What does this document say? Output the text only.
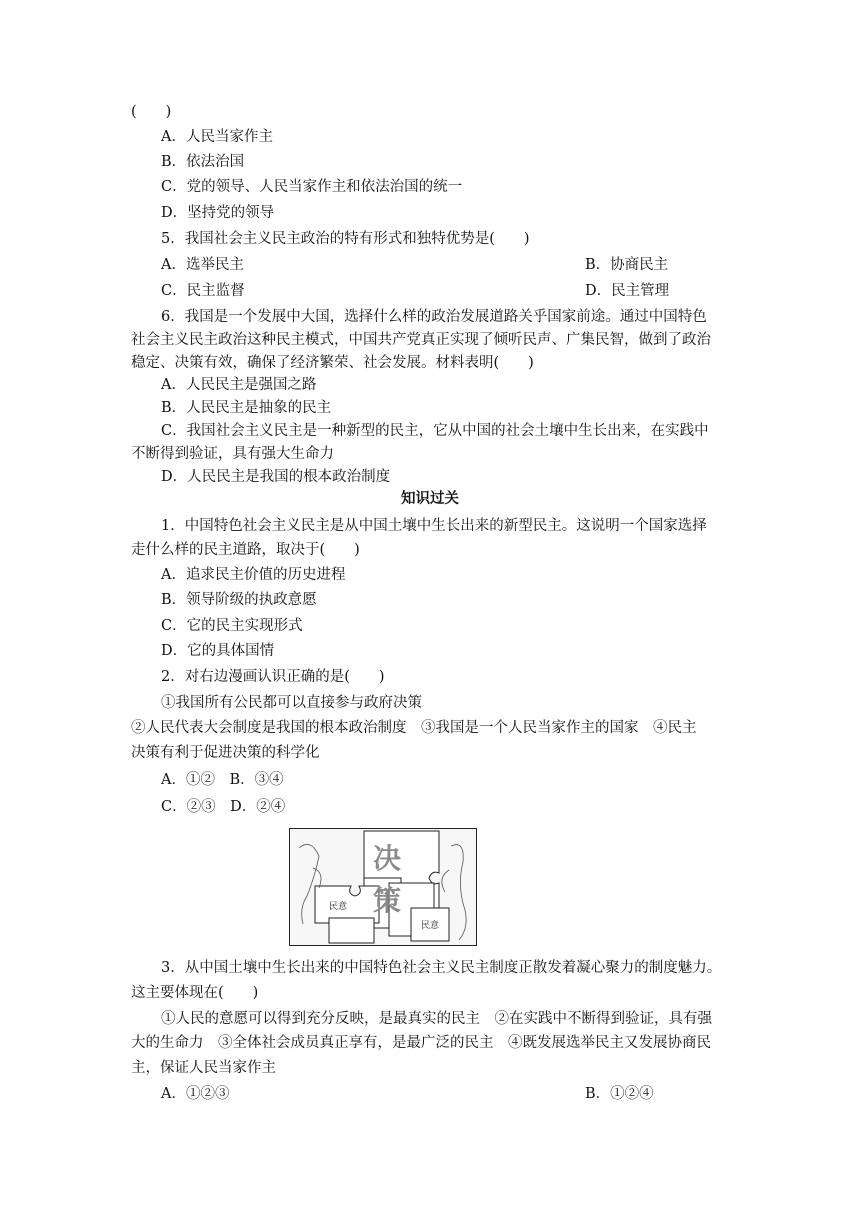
(　　)
A．人民当家作主
B．依法治国
C．党的领导、人民当家作主和依法治国的统一
D．坚持党的领导
5．我国社会主义民主政治的特有形式和独特优势是(　　)
A．选举民主	B．协商民主
C．民主监督	D．民主管理
6．我国是一个发展中大国，选择什么样的政治发展道路关乎国家前途。通过中国特色
社会主义民主政治这种民主模式，中国共产党真正实现了倾听民声、广集民智，做到了政治
稳定、决策有效，确保了经济繁荣、社会发展。材料表明(　　)
A．人民民主是强国之路
B．人民民主是抽象的民主
C．我国社会主义民主是一种新型的民主，它从中国的社会土壤中生长出来，在实践中
不断得到验证，具有强大生命力
D．人民民主是我国的根本政治制度
知识过关
1．中国特色社会主义民主是从中国土壤中生长出来的新型民主。这说明一个国家选择
走什么样的民主道路，取决于(　　)
A．追求民主价值的历史进程
B．领导阶级的执政意愿
C．它的民主实现形式
D．它的具体国情
2．对右边漫画认识正确的是(　　)
①我国所有公民都可以直接参与政府决策
②人民代表大会制度是我国的根本政治制度　③我国是一个人民当家作主的国家　④民主
决策有利于促进决策的科学化
A．①②　B．③④
C．②③　D．②④
决
策
民意
民意
3．从中国土壤中生长出来的中国特色社会主义民主制度正散发着凝心聚力的制度魅力。
这主要体现在(　　)
①人民的意愿可以得到充分反映，是最真实的民主　②在实践中不断得到验证，具有强
大的生命力　③全体社会成员真正享有，是最广泛的民主　④既发展选举民主又发展协商民
主，保证人民当家作主
A．①②③	B．①②④
